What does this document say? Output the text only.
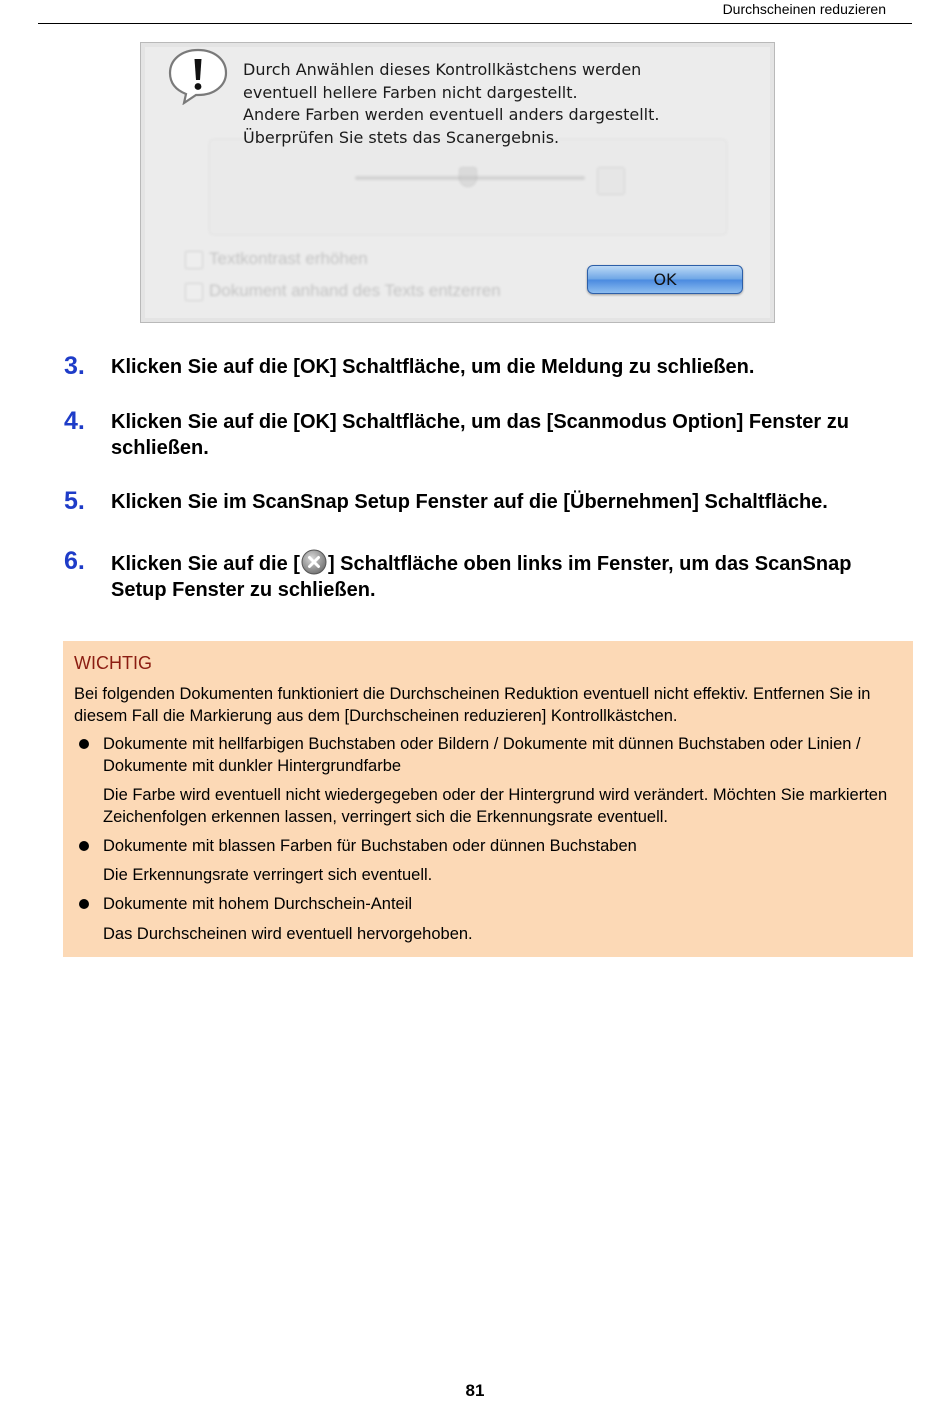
Durchscheinen reduzieren
Textkontrast erhöhen
Dokument anhand des Texts entzerren
Durch Anwählen dieses Kontrollkästchens werden
eventuell hellere Farben nicht dargestellt.
Andere Farben werden eventuell anders dargestellt.
Überprüfen Sie stets das Scanergebnis.
OK
3. Klicken Sie auf die [OK] Schaltfläche, um die Meldung zu schließen.
4. Klicken Sie auf die [OK] Schaltfläche, um das [Scanmodus Option] Fenster zu schließen.
5. Klicken Sie im ScanSnap Setup Fenster auf die [Übernehmen] Schaltfläche.
6. Klicken Sie auf die [ ] Schaltfläche oben links im Fenster, um das ScanSnap Setup Fenster zu schließen.
WICHTIG
Bei folgenden Dokumenten funktioniert die Durchscheinen Reduktion eventuell nicht effektiv. Entfernen Sie in diesem Fall die Markierung aus dem [Durchscheinen reduzieren] Kontrollkästchen.
Dokumente mit hellfarbigen Buchstaben oder Bildern / Dokumente mit dünnen Buchstaben oder Linien / Dokumente mit dunkler Hintergrundfarbe
Die Farbe wird eventuell nicht wiedergegeben oder der Hintergrund wird verändert. Möchten Sie markierten Zeichenfolgen erkennen lassen, verringert sich die Erkennungsrate eventuell.
Dokumente mit blassen Farben für Buchstaben oder dünnen Buchstaben
Die Erkennungsrate verringert sich eventuell.
Dokumente mit hohem Durchschein-Anteil
Das Durchscheinen wird eventuell hervorgehoben.
81
